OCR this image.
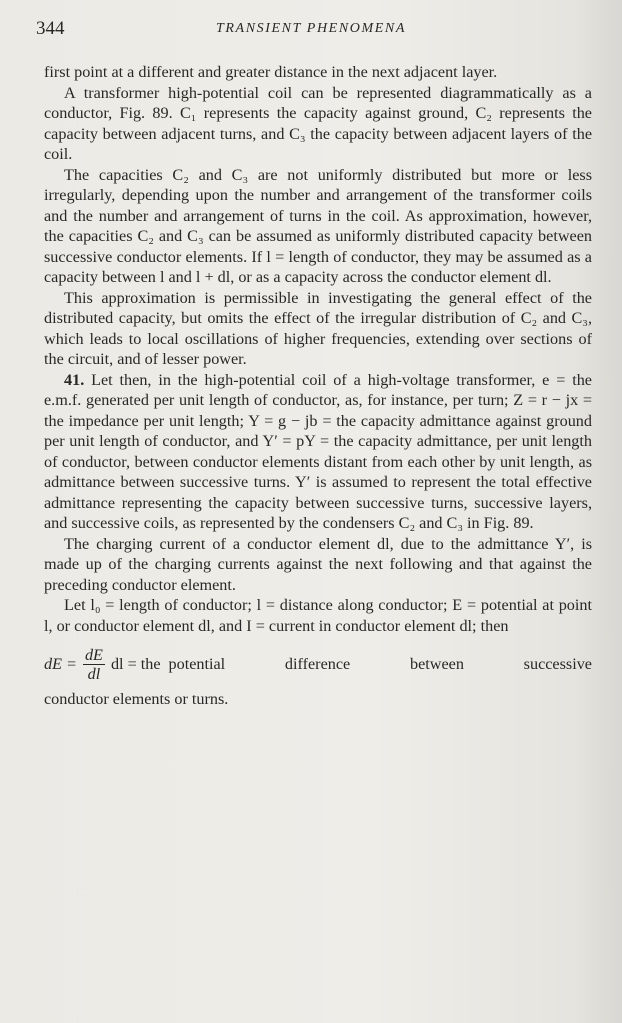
344	TRANSIENT PHENOMENA

first point at a different and greater distance in the next adjacent layer.

A transformer high-potential coil can be represented diagrammatically as a conductor, Fig. 89. C₁ represents the capacity against ground, C₂ represents the capacity between adjacent turns, and C₃ the capacity between adjacent layers of the coil.

The capacities C₂ and C₃ are not uniformly distributed but more or less irregularly, depending upon the number and arrangement of the transformer coils and the number and arrangement of turns in the coil. As approximation, however, the capacities C₂ and C₃ can be assumed as uniformly distributed capacity between successive conductor elements. If l = length of conductor, they may be assumed as a capacity between l and l + dl, or as a capacity across the conductor element dl.

This approximation is permissible in investigating the general effect of the distributed capacity, but omits the effect of the irregular distribution of C₂ and C₃, which leads to local oscillations of higher frequencies, extending over sections of the circuit, and of lesser power.

41. Let then, in the high-potential coil of a high-voltage transformer, e = the e.m.f. generated per unit length of conductor, as, for instance, per turn; Z = r − jx = the impedance per unit length; Y = g − jb = the capacity admittance against ground per unit length of conductor, and Y′ = pY = the capacity admittance, per unit length of conductor, between conductor elements distant from each other by unit length, as admittance between successive turns. Y′ is assumed to represent the total effective admittance representing the capacity between successive turns, successive layers, and successive coils, as represented by the condensers C₂ and C₃ in Fig. 89.

The charging current of a conductor element dl, due to the admittance Y′, is made up of the charging currents against the next following and that against the preceding conductor element.

Let l₀ = length of conductor; l = distance along conductor; E = potential at point l, or conductor element dl, and I = current in conductor element dl; then

dE = $\frac{dE}{dl}$ dl = the potential	difference	between	successive

conductor elements or turns.
